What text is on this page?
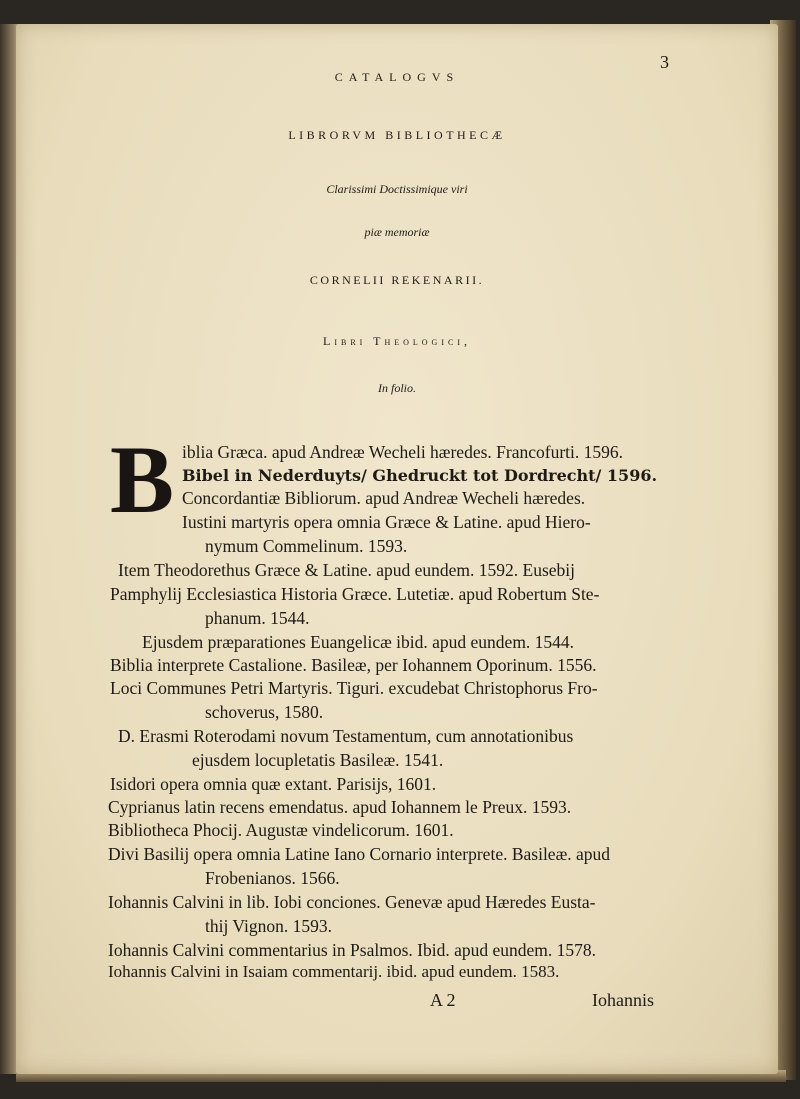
3
CATALOGVS
LIBRORVM BIBLIOTHECÆ
Clarissimi Doctissimique viri
piæ memoriæ
CORNELII REKENARII.
Libri Theologici,
In folio.
B iblia Græca. apud Andreæ Wecheli hæredes. Francofurti. 1596.
Bibel in Nederduyts/ Ghedruckt tot Dordrecht/ 1596.
Concordantiæ Bibliorum. apud Andreæ Wecheli hæredes.
Iustini martyris opera omnia Græce & Latine. apud Hiero-
nymum Commelinum. 1593.
Item Theodorethus Græce & Latine. apud eundem. 1592. Eusebij
Pamphylij Ecclesiastica Historia Græce. Lutetiæ. apud Robertum Ste-
phanum. 1544.
Ejusdem præparationes Euangelicæ ibid. apud eundem. 1544.
Biblia interprete Castalione. Basileæ, per Iohannem Oporinum. 1556.
Loci Communes Petri Martyris. Tiguri. excudebat Christophorus Fro-
schoverus, 1580.
D. Erasmi Roterodami novum Testamentum, cum annotationibus
ejusdem locupletatis Basileæ. 1541.
Isidori opera omnia quæ extant. Parisijs, 1601.
Cyprianus latin recens emendatus. apud Iohannem le Preux. 1593.
Bibliotheca Phocij. Augustæ vindelicorum. 1601.
Divi Basilij opera omnia Latine Iano Cornario interprete. Basileæ. apud
Frobenianos. 1566.
Iohannis Calvini in lib. Iobi conciones. Genevæ apud Hæredes Eusta-
thij Vignon. 1593.
Iohannis Calvini commentarius in Psalmos. Ibid. apud eundem. 1578.
Iohannis Calvini in Isaiam commentarij. ibid. apud eundem. 1583.
A 2	Iohannis
